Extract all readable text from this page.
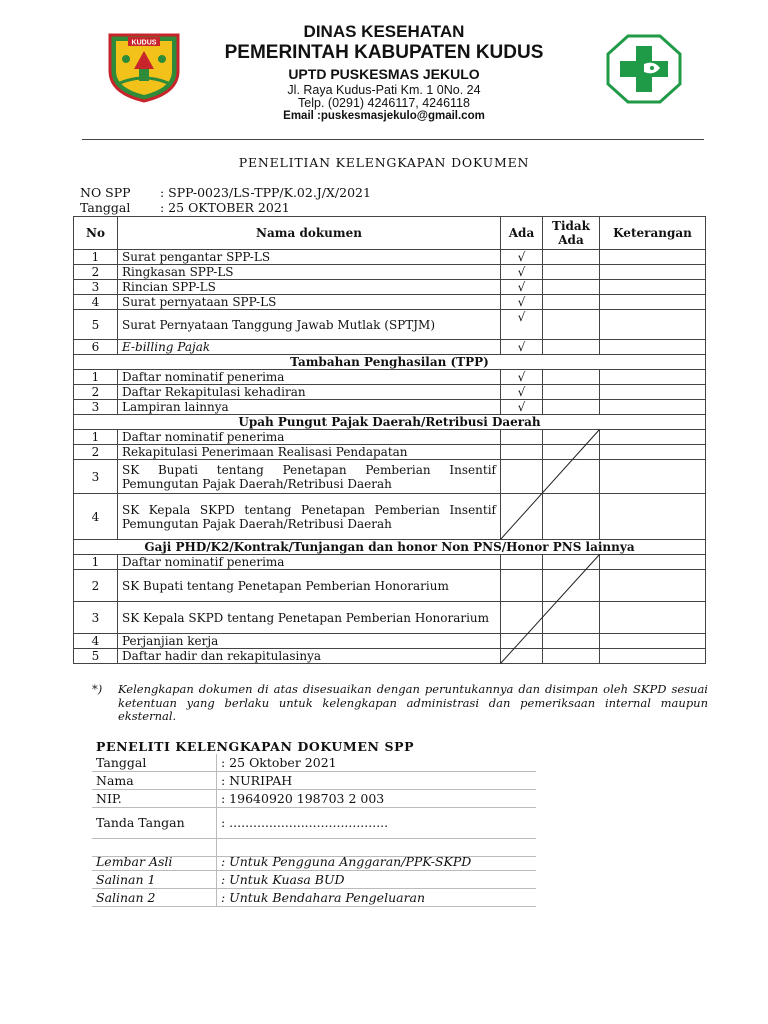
KUDUS
DINAS KESEHATAN
PEMERINTAH KABUPATEN KUDUS
UPTD PUSKESMAS JEKULO
Jl. Raya Kudus-Pati Km. 1 0No. 24
Telp. (0291) 4246117, 4246118
Email :puskesmasjekulo@gmail.com
PENELITIAN KELENGKAPAN DOKUMEN
NO SPP : SPP-0023/LS-TPP/K.02.J/X/2021
Tanggal : 25 OKTOBER 2021
No	Nama dokumen	Ada	Tidak Ada	Keterangan
1	Surat pengantar SPP-LS	√		
2	Ringkasan SPP-LS	√		
3	Rincian SPP-LS	√		
4	Surat pernyataan SPP-LS	√		
5	Surat Pernyataan Tanggung Jawab Mutlak (SPTJM)	√		
6	E-billing Pajak	√		
Tambahan Penghasilan (TPP)				
1	Daftar nominatif penerima	√		
2	Daftar Rekapitulasi kehadiran	√		
3	Lampiran lainnya	√		
Upah Pungut Pajak Daerah/Retribusi Daerah				
1	Daftar nominatif penerima			
2	Rekapitulasi Penerimaan Realisasi Pendapatan			
3	SK Bupati tentang Penetapan Pemberian Insentif Pemungutan Pajak Daerah/Retribusi Daerah			
4	SK Kepala SKPD tentang Penetapan Pemberian Insentif Pemungutan Pajak Daerah/Retribusi Daerah			
Gaji PHD/K2/Kontrak/Tunjangan dan honor Non PNS/Honor PNS lainnya				
1	Daftar nominatif penerima			
2	SK Bupati tentang Penetapan Pemberian Honorarium			
3	SK Kepala SKPD tentang Penetapan Pemberian Honorarium			
4	Perjanjian kerja			
5	Daftar hadir dan rekapitulasinya			
*) Kelengkapan dokumen di atas disesuaikan dengan peruntukannya dan disimpan oleh SKPD sesuai ketentuan yang berlaku untuk kelengkapan administrasi dan pemeriksaan internal maupun eksternal.
PENELITI KELENGKAPAN DOKUMEN SPP
Tanggal	: 25 Oktober 2021
Nama	: NURIPAH
NIP.	: 19640920 198703 2 003
Tanda Tangan	: ........................................

Lembar Asli	: Untuk Pengguna Anggaran/PPK-SKPD
Salinan 1	: Untuk Kuasa BUD
Salinan 2	: Untuk Bendahara Pengeluaran
